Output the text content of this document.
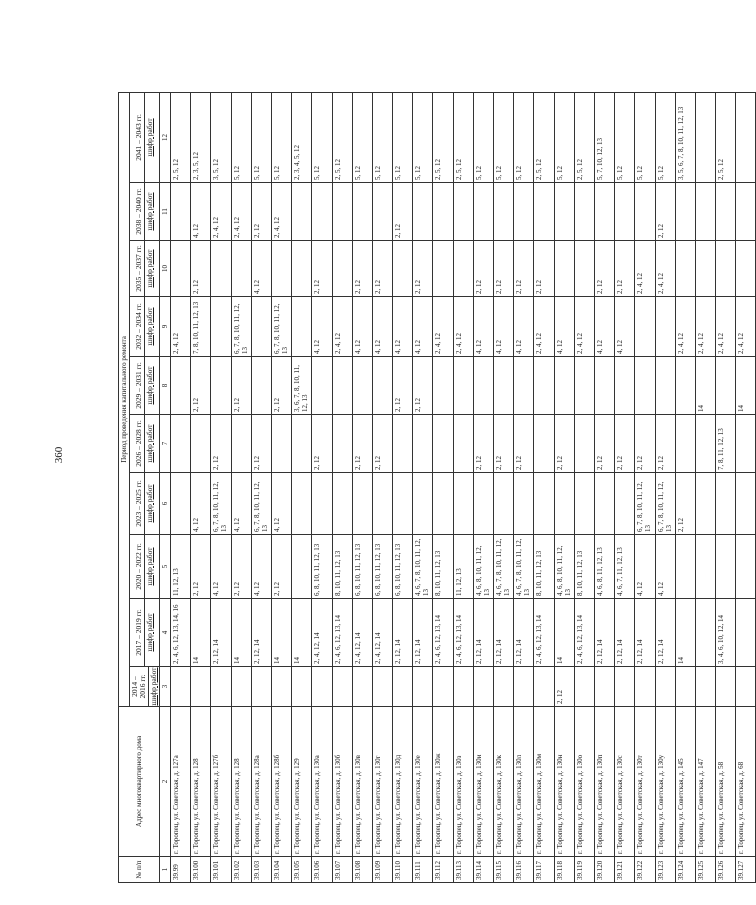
360
№ п/п	Адрес многоквартирного дома	Период проведения капитального ремонта									
		2014 – 2016 гг. шифр работ	2017 – 2019 гг. шифр работ	2020 – 2022 гг. шифр работ	2023 – 2025 гг. шифр работ	2026 – 2028 гг. шифр работ	2029 – 2031 гг. шифр работ	2032 – 2034 гг. шифр работ	2035 – 2037 гг. шифр работ	2038 – 2040 гг. шифр работ	2041 – 2043 гг. шифр работ

1	2	3	4	5	6	7	8	9	10	11	12
39.99	г. Торопец, ул. Советская, д. 127а		2, 4, 6, 12, 13, 14, 16	11, 12, 13				2, 4, 12			2, 5, 12
39.100	г. Торопец, ул. Советская, д. 128		14	2, 12	4, 12		2, 12	7, 8, 10, 11, 12, 13	2, 12	4, 12	2, 3, 5, 12
39.101	г. Торопец, ул. Советская, д. 127б		2, 12, 14	4, 12	6, 7, 8, 10, 11, 12, 13	2, 12				2, 4, 12	3, 5, 12
39.102	г. Торопец, ул. Советская, д. 128		14	2, 12	4, 12		2, 12	6, 7, 8, 10, 11, 12, 13		2, 4, 12	5, 12
39.103	г. Торопец, ул. Советская, д. 128а		2, 12, 14	4, 12	6, 7, 8, 10, 11, 12, 13	2, 12			4, 12	2, 12	5, 12
39.104	г. Торопец, ул. Советская, д. 128б		14	2, 12	4, 12		2, 12	6, 7, 8, 10, 11, 12, 13		2, 4, 12	5, 12
39.105	г. Торопец, ул. Советская, д. 129		14				3, 6, 7, 8, 10, 11, 12, 13				2, 3, 4, 5, 12
39.106	г. Торопец, ул. Советская, д. 130а		2, 4, 12, 14	6, 8, 10, 11, 12, 13		2, 12		4, 12	2, 12		5, 12
39.107	г. Торопец, ул. Советская, д. 130б		2, 4, 6, 12, 13, 14	8, 10, 11, 12, 13				2, 4, 12			2, 5, 12
39.108	г. Торопец, ул. Советская, д. 130в		2, 4, 12, 14	6, 8, 10, 11, 12, 13		2, 12		4, 12	2, 12		5, 12
39.109	г. Торопец, ул. Советская, д. 130г		2, 4, 12, 14	6, 8, 10, 11, 12, 13		2, 12		4, 12	2, 12		5, 12
39.110	г. Торопец, ул. Советская, д. 130д		2, 12, 14	6, 8, 10, 11, 12, 13			2, 12	4, 12		2, 12	5, 12
39.111	г. Торопец, ул. Советская, д. 130е		2, 12, 14	4, 6, 7, 8, 10, 11, 12, 13			2, 12	4, 12	2, 12		5, 12
39.112	г. Торопец, ул. Советская, д. 130ж		2, 4, 6, 12, 13, 14	8, 10, 11, 12, 13				2, 4, 12			2, 5, 12
39.113	г. Торопец, ул. Советская, д. 130з		2, 4, 6, 12, 13, 14	11, 12, 13				2, 4, 12			2, 5, 12
39.114	г. Торопец, ул. Советская, д. 130и		2, 12, 14	4, 6, 8, 10, 11, 12, 13		2, 12		4, 12	2, 12		5, 12
39.115	г. Торопец, ул. Советская, д. 130к		2, 12, 14	4, 6, 7, 8, 10, 11, 12, 13		2, 12		4, 12	2, 12		5, 12
39.116	г. Торопец, ул. Советская, д. 130л		2, 12, 14	4, 6, 7, 8, 10, 11, 12, 13		2, 12		4, 12	2, 12		5, 12
39.117	г. Торопец, ул. Советская, д. 130м		2, 4, 6, 12, 13, 14	8, 10, 11, 12, 13				2, 4, 12	2, 12		2, 5, 12
39.118	г. Торопец, ул. Советская, д. 130н	2, 12	14	4, 6, 8, 10, 11, 12, 13		2, 12		4, 12			5, 12
39.119	г. Торопец, ул. Советская, д. 130о		2, 4, 6, 12, 13, 14	8, 10, 11, 12, 13				2, 4, 12			2, 5, 12
39.120	г. Торопец, ул. Советская, д. 130п		2, 12, 14	4, 6, 8, 11, 12, 13		2, 12		4, 12	2, 12		5, 7, 10, 12, 13
39.121	г. Торопец, ул. Советская, д. 130с		2, 12, 14	4, 6, 7, 11, 12, 13		2, 12		4, 12	2, 12		5, 12
39.122	г. Торопец, ул. Советская, д. 130т		2, 12, 14	4, 12	6, 7, 8, 10, 11, 12, 13	2, 12			2, 4, 12		5, 12
39.123	г. Торопец, ул. Советская, д. 130у		2, 12, 14	4, 12	6, 7, 8, 10, 11, 12, 13	2, 12			2, 4, 12	2, 12	5, 12
39.124	г. Торопец, ул. Советская, д. 145		14		2, 12			2, 4, 12			3, 5, 6, 7, 8, 10, 11, 12, 13
39.125	г. Торопец, ул. Советская, д. 147						14	2, 4, 12			
39.126	г. Торопец, ул. Советская, д. 58		3, 4, 6, 10, 12, 14			7, 8, 11, 12, 13		2, 4, 12			2, 5, 12
39.127	г. Торопец, ул. Советская, д. 68						14	2, 4, 12			
